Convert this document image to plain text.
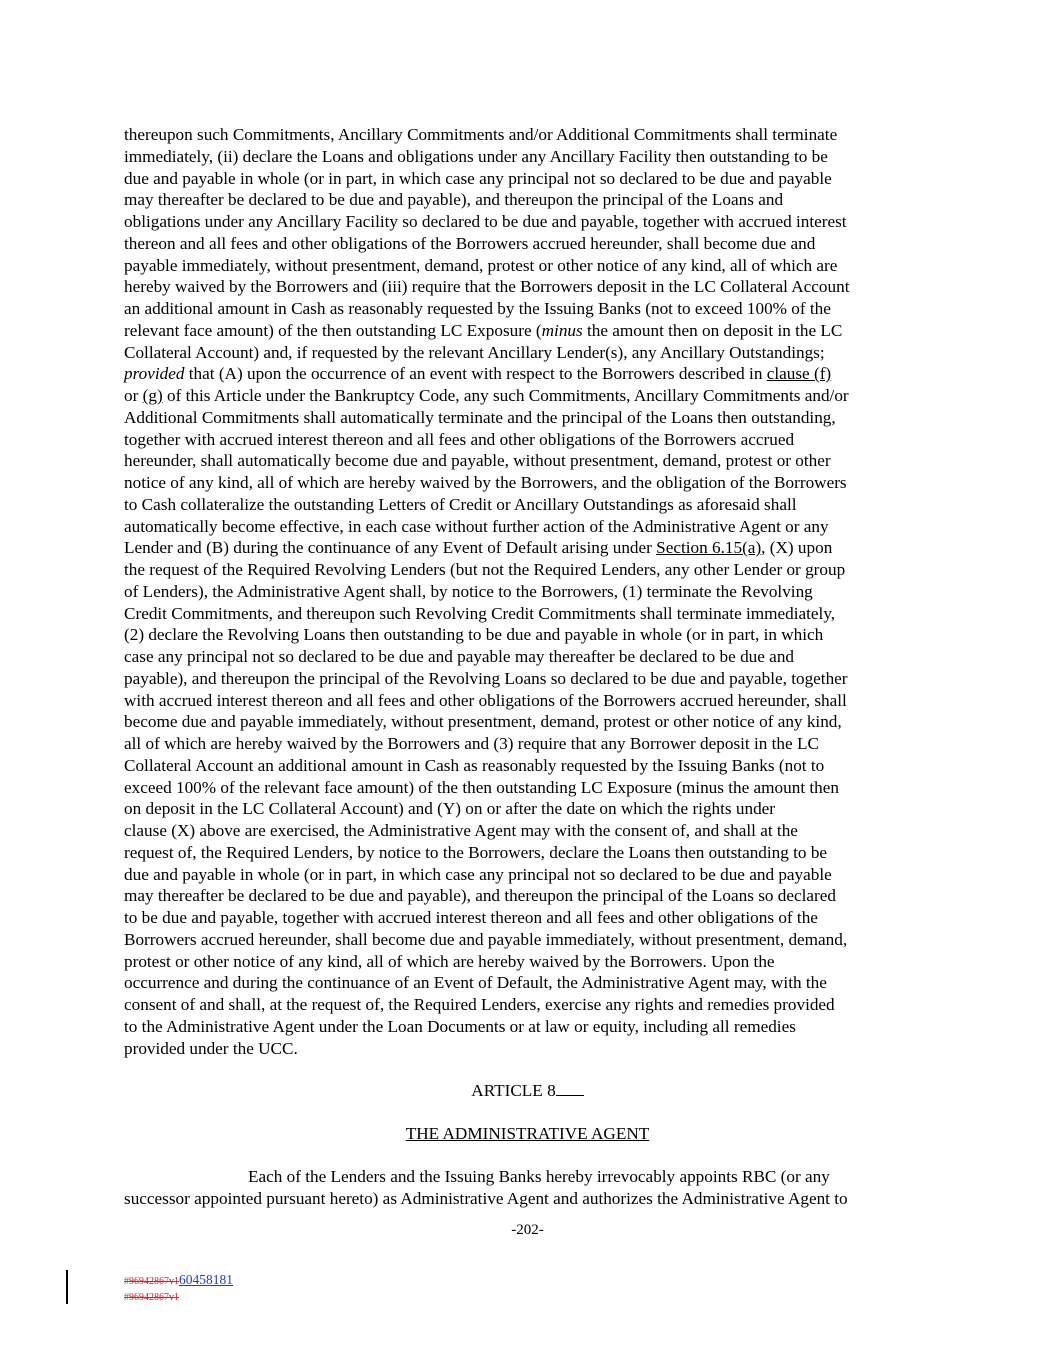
thereupon such Commitments, Ancillary Commitments and/or Additional Commitments shall terminate
immediately, (ii) declare the Loans and obligations under any Ancillary Facility then outstanding to be
due and payable in whole (or in part, in which case any principal not so declared to be due and payable
may thereafter be declared to be due and payable), and thereupon the principal of the Loans and
obligations under any Ancillary Facility so declared to be due and payable, together with accrued interest
thereon and all fees and other obligations of the Borrowers accrued hereunder, shall become due and
payable immediately, without presentment, demand, protest or other notice of any kind, all of which are
hereby waived by the Borrowers and (iii) require that the Borrowers deposit in the LC Collateral Account
an additional amount in Cash as reasonably requested by the Issuing Banks (not to exceed 100% of the
relevant face amount) of the then outstanding LC Exposure (minus the amount then on deposit in the LC
Collateral Account) and, if requested by the relevant Ancillary Lender(s), any Ancillary Outstandings;
provided that (A) upon the occurrence of an event with respect to the Borrowers described in clause (f)
or (g) of this Article under the Bankruptcy Code, any such Commitments, Ancillary Commitments and/or
Additional Commitments shall automatically terminate and the principal of the Loans then outstanding,
together with accrued interest thereon and all fees and other obligations of the Borrowers accrued
hereunder, shall automatically become due and payable, without presentment, demand, protest or other
notice of any kind, all of which are hereby waived by the Borrowers, and the obligation of the Borrowers
to Cash collateralize the outstanding Letters of Credit or Ancillary Outstandings as aforesaid shall
automatically become effective, in each case without further action of the Administrative Agent or any
Lender and (B) during the continuance of any Event of Default arising under Section 6.15(a), (X) upon
the request of the Required Revolving Lenders (but not the Required Lenders, any other Lender or group
of Lenders), the Administrative Agent shall, by notice to the Borrowers, (1) terminate the Revolving
Credit Commitments, and thereupon such Revolving Credit Commitments shall terminate immediately,
(2) declare the Revolving Loans then outstanding to be due and payable in whole (or in part, in which
case any principal not so declared to be due and payable may thereafter be declared to be due and
payable), and thereupon the principal of the Revolving Loans so declared to be due and payable, together
with accrued interest thereon and all fees and other obligations of the Borrowers accrued hereunder, shall
become due and payable immediately, without presentment, demand, protest or other notice of any kind,
all of which are hereby waived by the Borrowers and (3) require that any Borrower deposit in the LC
Collateral Account an additional amount in Cash as reasonably requested by the Issuing Banks (not to
exceed 100% of the relevant face amount) of the then outstanding LC Exposure (minus the amount then
on deposit in the LC Collateral Account) and (Y) on or after the date on which the rights under
clause (X) above are exercised, the Administrative Agent may with the consent of, and shall at the
request of, the Required Lenders, by notice to the Borrowers, declare the Loans then outstanding to be
due and payable in whole (or in part, in which case any principal not so declared to be due and payable
may thereafter be declared to be due and payable), and thereupon the principal of the Loans so declared
to be due and payable, together with accrued interest thereon and all fees and other obligations of the
Borrowers accrued hereunder, shall become due and payable immediately, without presentment, demand,
protest or other notice of any kind, all of which are hereby waived by the Borrowers. Upon the
occurrence and during the continuance of an Event of Default, the Administrative Agent may, with the
consent of and shall, at the request of, the Required Lenders, exercise any rights and remedies provided
to the Administrative Agent under the Loan Documents or at law or equity, including all remedies
provided under the UCC.
ARTICLE 8
THE ADMINISTRATIVE AGENT
Each of the Lenders and the Issuing Banks hereby irrevocably appoints RBC (or any
successor appointed pursuant hereto) as Administrative Agent and authorizes the Administrative Agent to
-202-
#96942867v160458181
#96942867v1
